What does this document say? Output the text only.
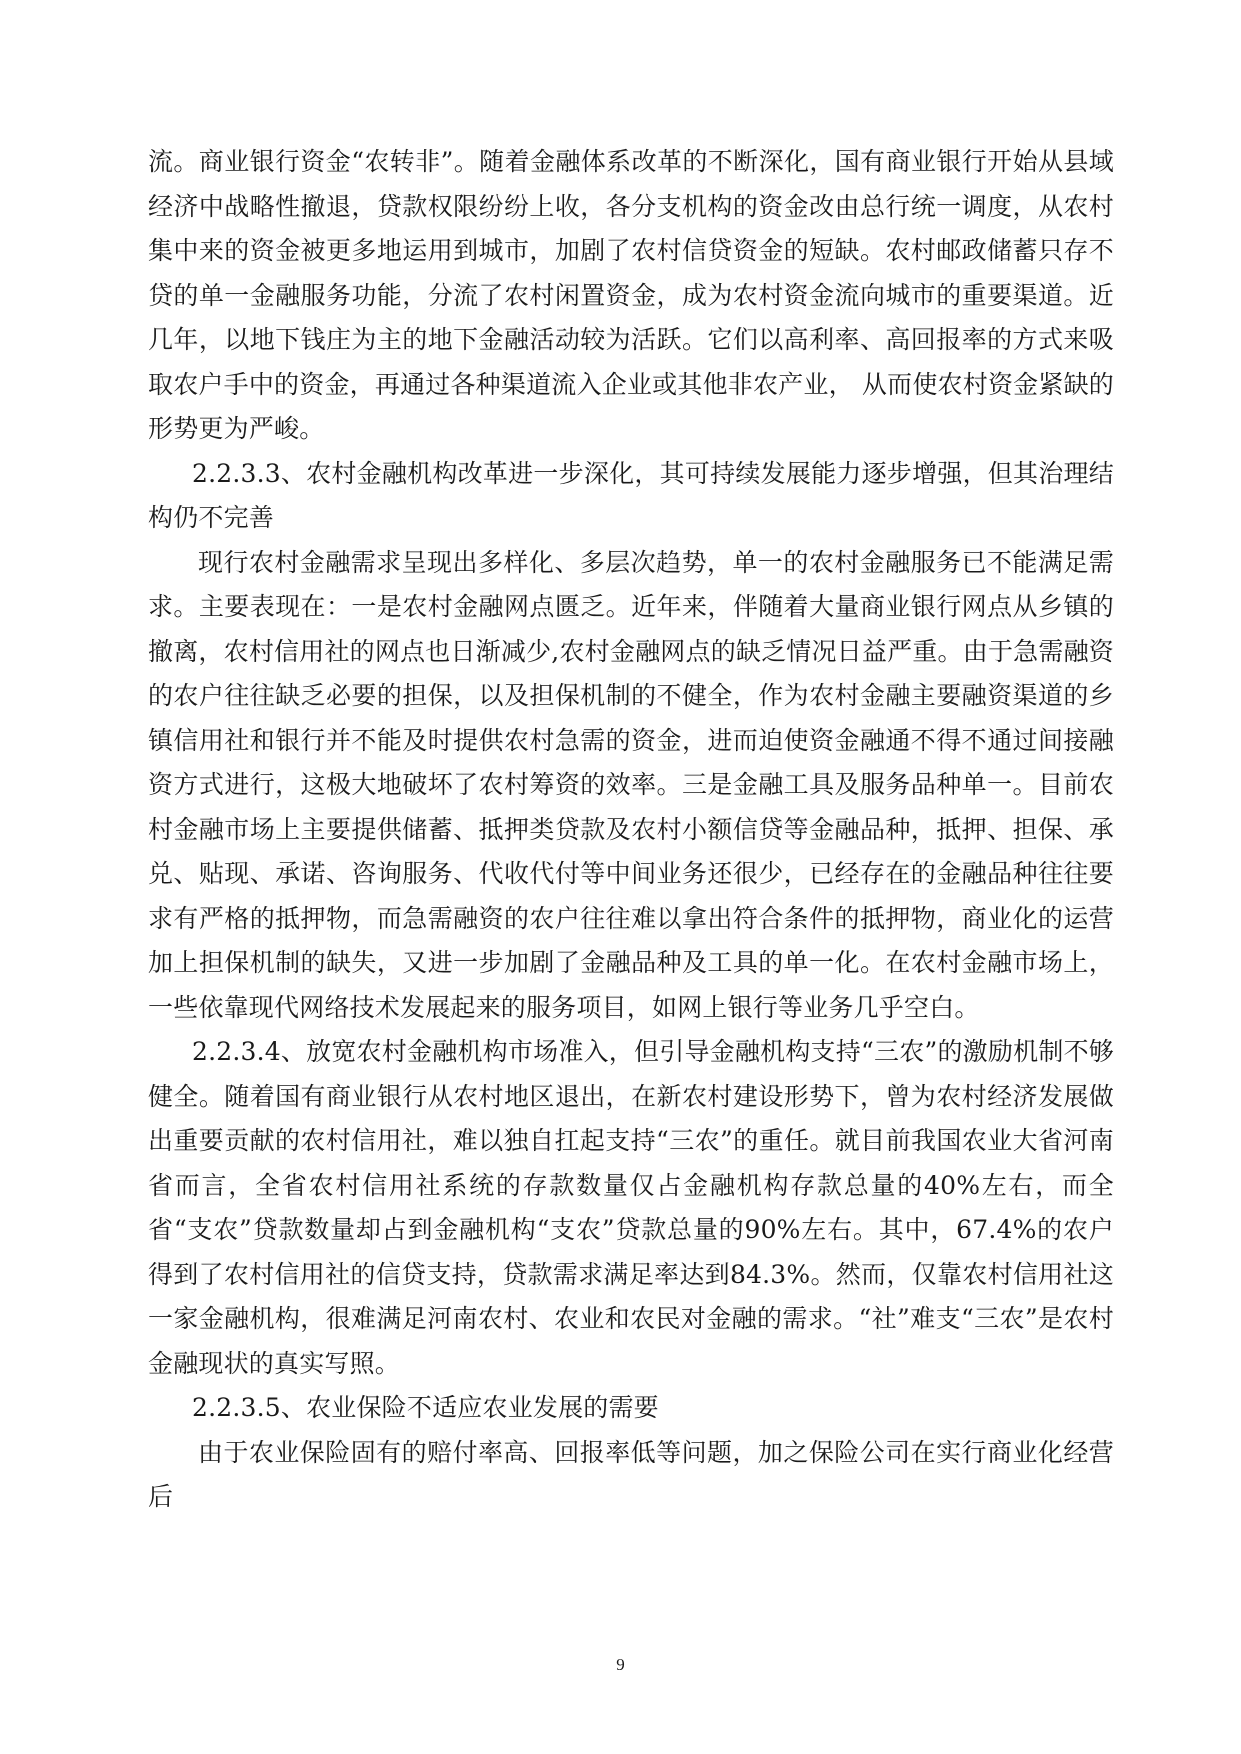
流。商业银行资金“农转非”。随着金融体系改革的不断深化，国有商业银行开始从县域经济中战略性撤退，贷款权限纷纷上收，各分支机构的资金改由总行统一调度，从农村集中来的资金被更多地运用到城市，加剧了农村信贷资金的短缺。农村邮政储蓄只存不贷的单一金融服务功能，分流了农村闲置资金，成为农村资金流向城市的重要渠道。近几年，以地下钱庄为主的地下金融活动较为活跃。它们以高利率、高回报率的方式来吸取农户手中的资金，再通过各种渠道流入企业或其他非农产业， 从而使农村资金紧缺的形势更为严峻。

2.2.3.3、农村金融机构改革进一步深化，其可持续发展能力逐步增强，但其治理结构仍不完善

现行农村金融需求呈现出多样化、多层次趋势，单一的农村金融服务已不能满足需求。主要表现在：一是农村金融网点匮乏。近年来，伴随着大量商业银行网点从乡镇的撤离，农村信用社的网点也日渐减少,农村金融网点的缺乏情况日益严重。由于急需融资的农户往往缺乏必要的担保，以及担保机制的不健全，作为农村金融主要融资渠道的乡镇信用社和银行并不能及时提供农村急需的资金，进而迫使资金融通不得不通过间接融资方式进行，这极大地破坏了农村筹资的效率。三是金融工具及服务品种单一。目前农村金融市场上主要提供储蓄、抵押类贷款及农村小额信贷等金融品种，抵押、担保、承兑、贴现、承诺、咨询服务、代收代付等中间业务还很少，已经存在的金融品种往往要求有严格的抵押物，而急需融资的农户往往难以拿出符合条件的抵押物，商业化的运营加上担保机制的缺失，又进一步加剧了金融品种及工具的单一化。在农村金融市场上，一些依靠现代网络技术发展起来的服务项目，如网上银行等业务几乎空白。

2.2.3.4、放宽农村金融机构市场准入，但引导金融机构支持“三农”的激励机制不够健全。随着国有商业银行从农村地区退出，在新农村建设形势下，曾为农村经济发展做出重要贡献的农村信用社，难以独自扛起支持“三农”的重任。就目前我国农业大省河南省而言，全省农村信用社系统的存款数量仅占金融机构存款总量的40%左右，而全省“支农”贷款数量却占到金融机构“支农”贷款总量的90%左右。其中，67.4%的农户得到了农村信用社的信贷支持，贷款需求满足率达到84.3%。然而，仅靠农村信用社这一家金融机构，很难满足河南农村、农业和农民对金融的需求。“社”难支“三农”是农村金融现状的真实写照。

2.2.3.5、农业保险不适应农业发展的需要

由于农业保险固有的赔付率高、回报率低等问题，加之保险公司在实行商业化经营后

9
